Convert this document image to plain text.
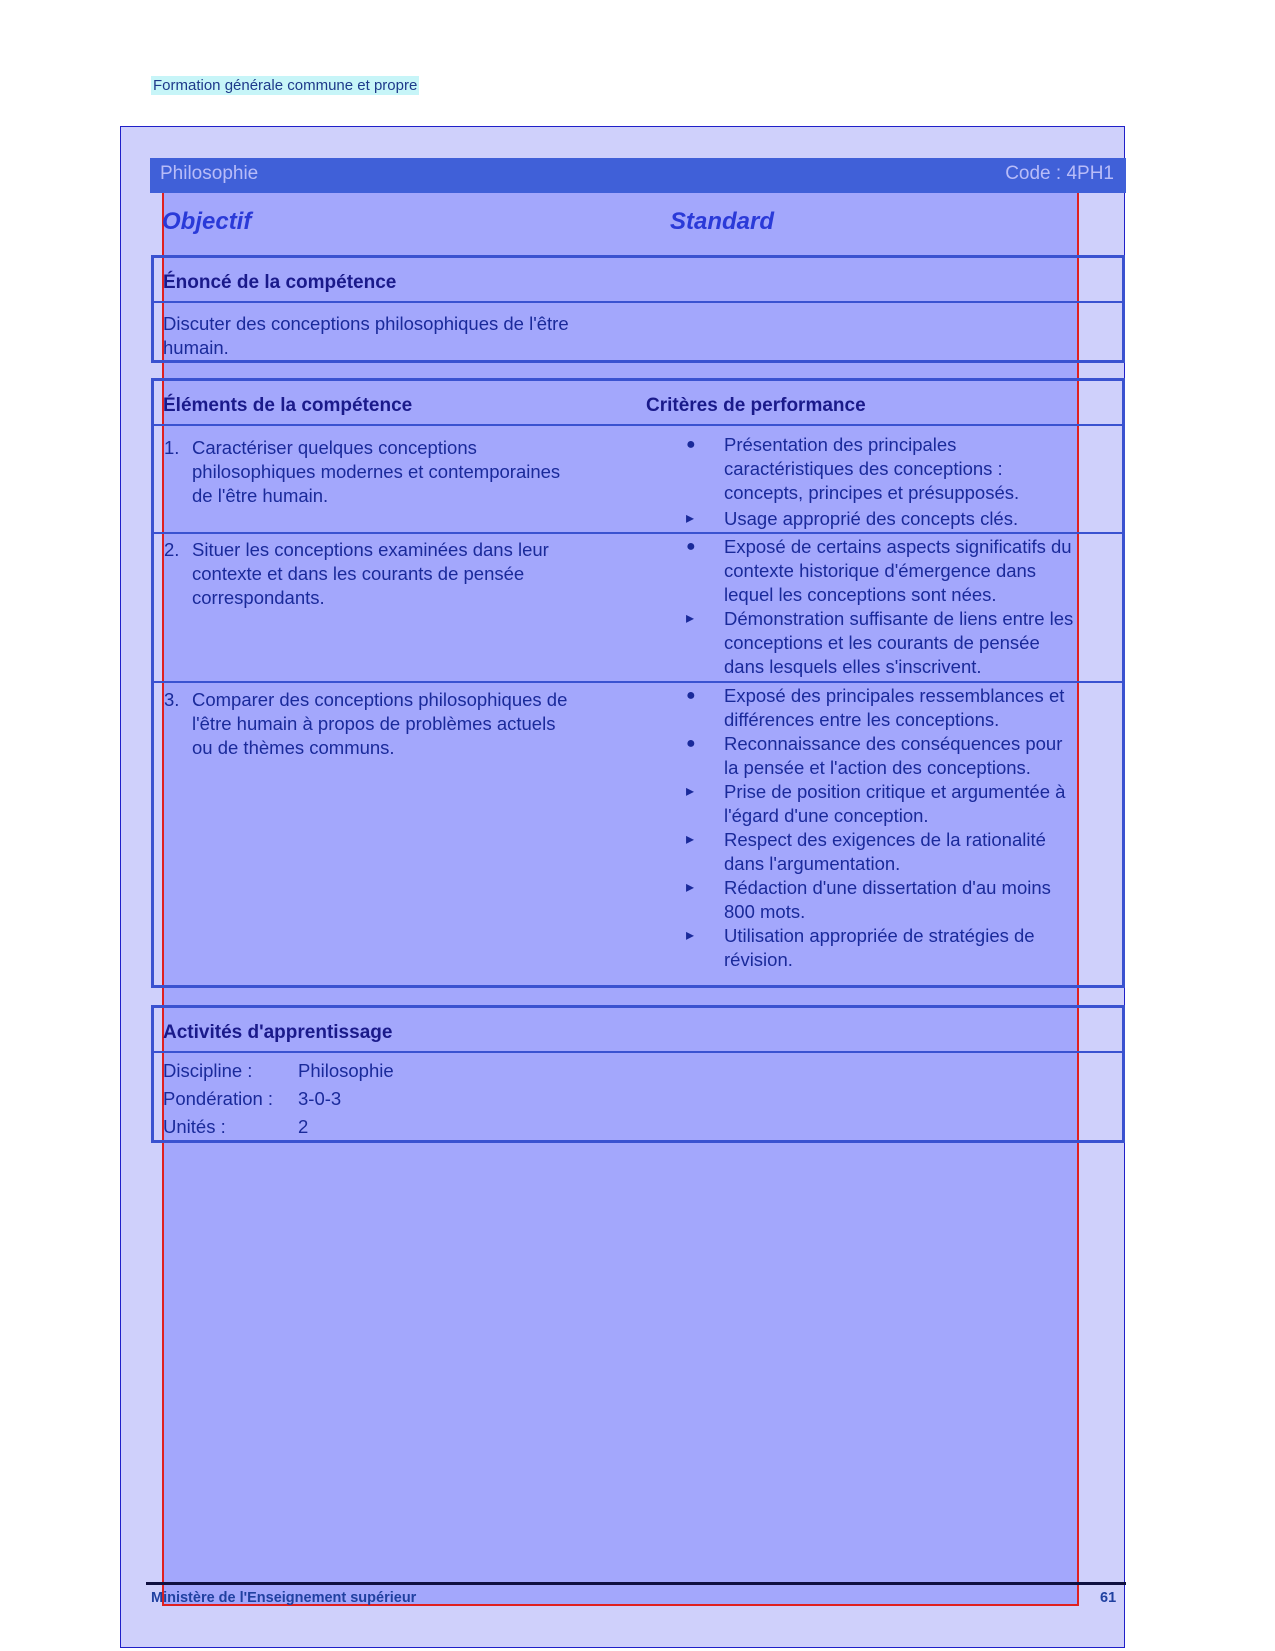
Formation générale commune et propre
Philosophie	Code : 4PH1
Objectif	Standard
Énoncé de la compétence
Discuter des conceptions philosophiques de l'être
humain.
Éléments de la compétence	Critères de performance
1. Caractériser quelques conceptions
philosophiques modernes et contemporaines
de l'être humain.
● Présentation des principales
caractéristiques des conceptions :
concepts, principes et présupposés.
▸ Usage approprié des concepts clés.
2. Situer les conceptions examinées dans leur
contexte et dans les courants de pensée
correspondants.
● Exposé de certains aspects significatifs du
contexte historique d'émergence dans
lequel les conceptions sont nées.
▸ Démonstration suffisante de liens entre les
conceptions et les courants de pensée
dans lesquels elles s'inscrivent.
3. Comparer des conceptions philosophiques de
l'être humain à propos de problèmes actuels
ou de thèmes communs.
● Exposé des principales ressemblances et
différences entre les conceptions.
● Reconnaissance des conséquences pour
la pensée et l'action des conceptions.
▸ Prise de position critique et argumentée à
l'égard d'une conception.
▸ Respect des exigences de la rationalité
dans l'argumentation.
▸ Rédaction d'une dissertation d'au moins
800 mots.
▸ Utilisation appropriée de stratégies de
révision.
Activités d'apprentissage
Discipline : Philosophie
Pondération : 3-0-3
Unités :	2
Ministère de l'Enseignement supérieur	61
